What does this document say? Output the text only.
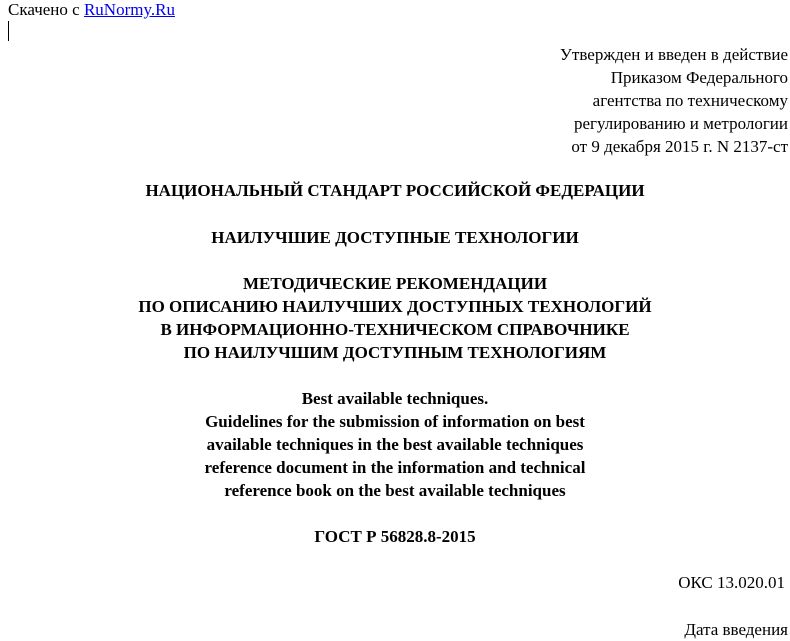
Скачено с RuNormy.Ru
Утвержден и введен в действие
Приказом Федерального
агентства по техническому
регулированию и метрологии
от 9 декабря 2015 г. N 2137-ст
НАЦИОНАЛЬНЫЙ СТАНДАРТ РОССИЙСКОЙ ФЕДЕРАЦИИ
НАИЛУЧШИЕ ДОСТУПНЫЕ ТЕХНОЛОГИИ
МЕТОДИЧЕСКИЕ РЕКОМЕНДАЦИИ
ПО ОПИСАНИЮ НАИЛУЧШИХ ДОСТУПНЫХ ТЕХНОЛОГИЙ
В ИНФОРМАЦИОННО-ТЕХНИЧЕСКОМ СПРАВОЧНИКЕ
ПО НАИЛУЧШИМ ДОСТУПНЫМ ТЕХНОЛОГИЯМ
Best available techniques.
Guidelines for the submission of information on best
available techniques in the best available techniques
reference document in the information and technical
reference book on the best available techniques
ГОСТ Р 56828.8-2015
ОКС 13.020.01
Дата введения
